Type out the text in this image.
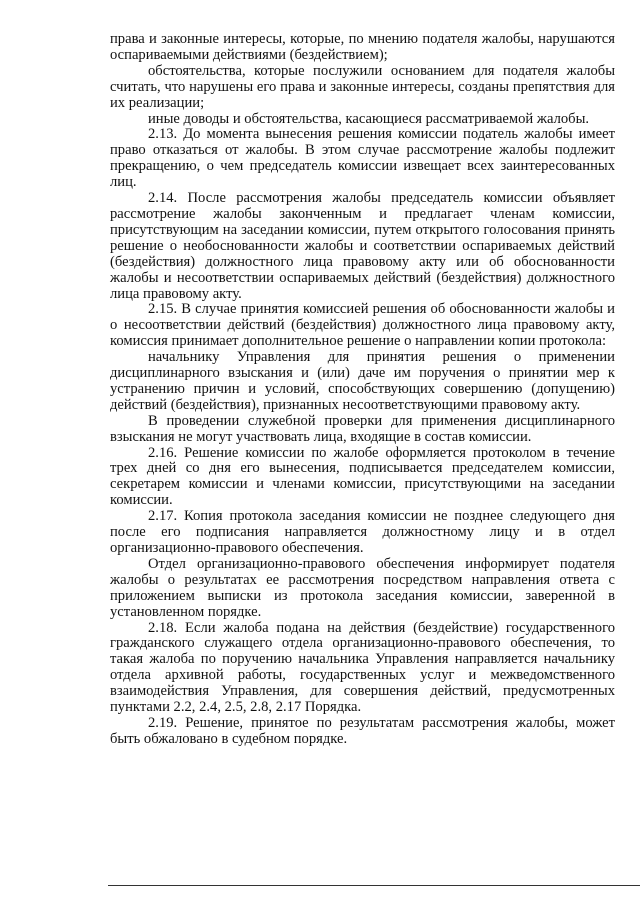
права и законные интересы, которые, по мнению подателя жалобы, нарушаются оспариваемыми действиями (бездействием);

обстоятельства, которые послужили основанием для подателя жалобы считать, что нарушены его права и законные интересы, созданы препятствия для их реализации;

иные доводы и обстоятельства, касающиеся рассматриваемой жалобы.

2.13. До момента вынесения решения комиссии податель жалобы имеет право отказаться от жалобы. В этом случае рассмотрение жалобы подлежит прекращению, о чем председатель комиссии извещает всех заинтересованных лиц.

2.14. После рассмотрения жалобы председатель комиссии объявляет рассмотрение жалобы законченным и предлагает членам комиссии, присутствующим на заседании комиссии, путем открытого голосования принять решение о необоснованности жалобы и соответствии оспариваемых действий (бездействия) должностного лица правовому акту или об обоснованности жалобы и несоответствии оспариваемых действий (бездействия) должностного лица правовому акту.

2.15. В случае принятия комиссией решения об обоснованности жалобы и о несоответствии действий (бездействия) должностного лица правовому акту, комиссия принимает дополнительное решение о направлении копии протокола:

начальнику Управления для принятия решения о применении дисциплинарного взыскания и (или) даче им поручения о принятии мер к устранению причин и условий, способствующих совершению (допущению) действий (бездействия), признанных несоответствующими правовому акту.

В проведении служебной проверки для применения дисциплинарного взыскания не могут участвовать лица, входящие в состав комиссии.

2.16. Решение комиссии по жалобе оформляется протоколом в течение трех дней со дня его вынесения, подписывается председателем комиссии, секретарем комиссии и членами комиссии, присутствующими на заседании комиссии.

2.17. Копия протокола заседания комиссии не позднее следующего дня после его подписания направляется должностному лицу и в отдел организационно-правового обеспечения.

Отдел организационно-правового обеспечения информирует подателя жалобы о результатах ее рассмотрения посредством направления ответа с приложением выписки из протокола заседания комиссии, заверенной в установленном порядке.

2.18. Если жалоба подана на действия (бездействие) государственного гражданского служащего отдела организационно-правового обеспечения, то такая жалоба по поручению начальника Управления направляется начальнику отдела архивной работы, государственных услуг и межведомственного взаимодействия Управления, для совершения действий, предусмотренных пунктами 2.2, 2.4, 2.5, 2.8, 2.17 Порядка.

2.19. Решение, принятое по результатам рассмотрения жалобы, может быть обжаловано в судебном порядке.
